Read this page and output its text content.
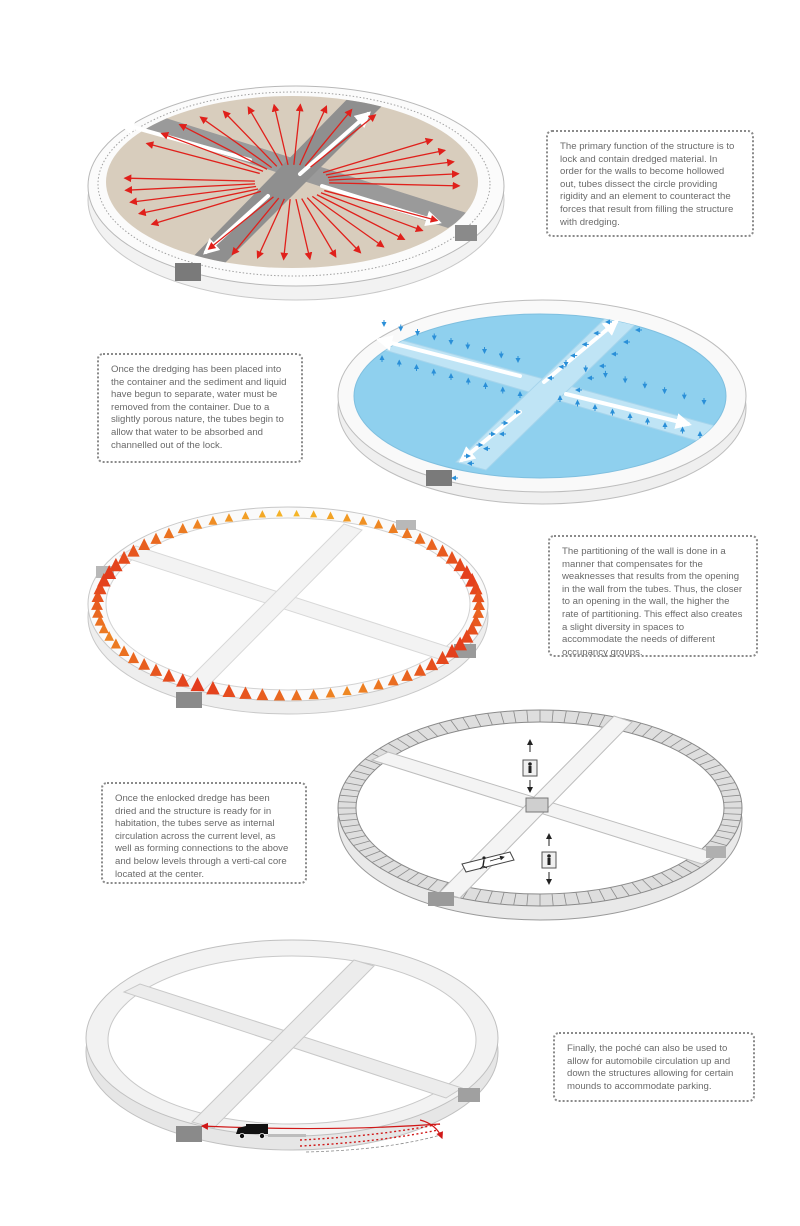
The primary function of the structure is to lock and contain dredged material. In order for the walls to become hollowed out, tubes dissect the circle providing rigidity and an element to counteract the forces that result from filling the structure with dredging.
Once the dredging has been placed into the container and the sediment and liquid have begun to separate, water must be removed from the container. Due to a slightly porous nature, the tubes begin to allow that water to be absorbed and channelled out of the lock.
The partitioning of the wall is done in a manner that compensates for the weaknesses that results from the opening in the wall from the tubes. Thus, the closer to an opening in the wall, the higher the rate of partitioning. This effect also creates a slight diversity in spaces to accommodate the needs of different occupancy groups.
Once the enlocked dredge has been dried and the structure is ready for in habitation, the tubes serve as internal circulation across the current level, as well as forming connections to the above and below levels through a verti-cal core located at the center.
Finally, the poché can also be used to allow for automobile circulation up and down the structures allowing for certain mounds to accommodate parking.
